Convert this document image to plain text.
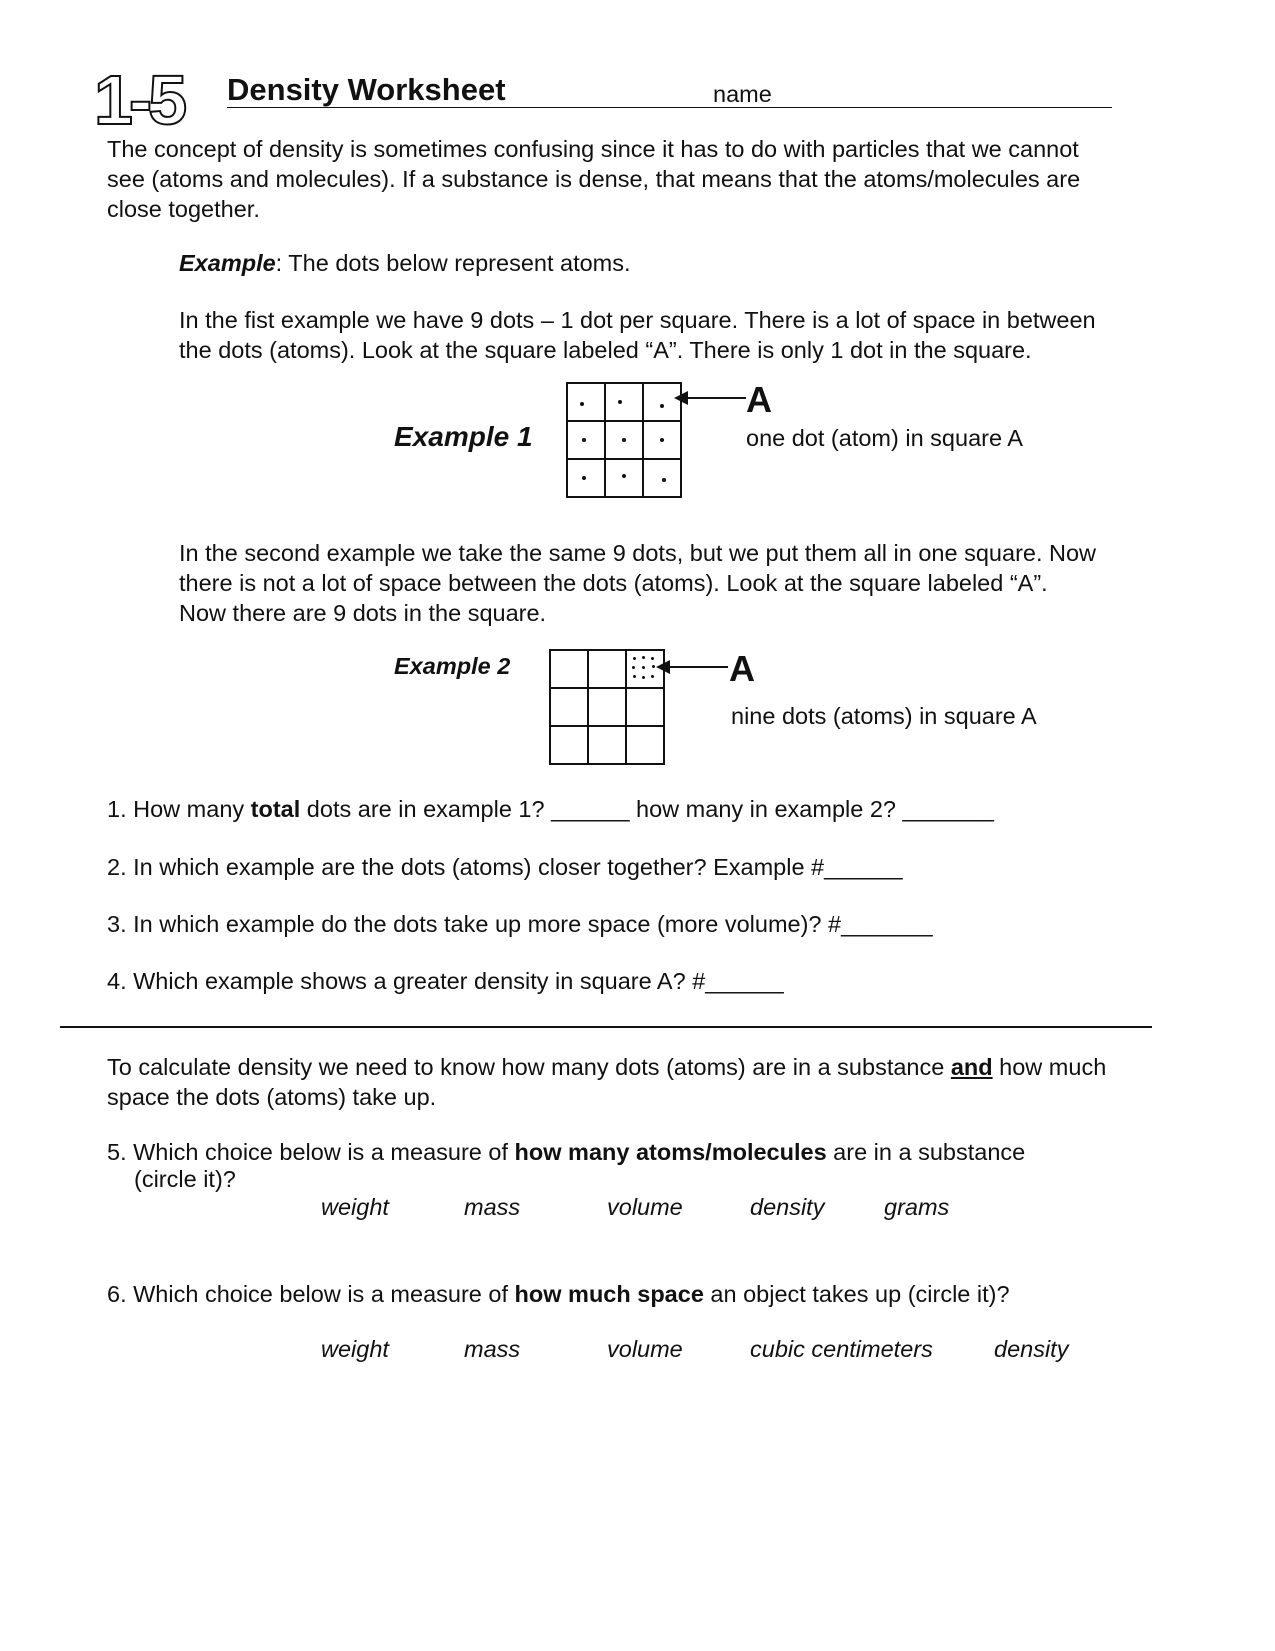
1-5 Density Worksheet	name
The concept of density is sometimes confusing since it has to do with particles that we cannot see (atoms and molecules). If a substance is dense, that means that the atoms/molecules are close together.
Example: The dots below represent atoms.
In the fist example we have 9 dots – 1 dot per square. There is a lot of space in between the dots (atoms). Look at the square labeled “A”. There is only 1 dot in the square.
Example 1

A
one dot (atom) in square A
In the second example we take the same 9 dots, but we put them all in one square. Now there is not a lot of space between the dots (atoms). Look at the square labeled “A”. Now there are 9 dots in the square.
Example 2

			A
nine dots (atoms) in square A
1. How many total dots are in example 1? ______ how many in example 2? _______
2. In which example are the dots (atoms) closer together? Example #______
3. In which example do the dots take up more space (more volume)? #_______
4. Which example shows a greater density in square A? #______
To calculate density we need to know how many dots (atoms) are in a substance and how much space the dots (atoms) take up.
5. Which choice below is a measure of how many atoms/molecules are in a substance
(circle it)?
weight	mass	volume	density	grams
6. Which choice below is a measure of how much space an object takes up (circle it)?
weight	mass	volume	cubic centimeters	density
